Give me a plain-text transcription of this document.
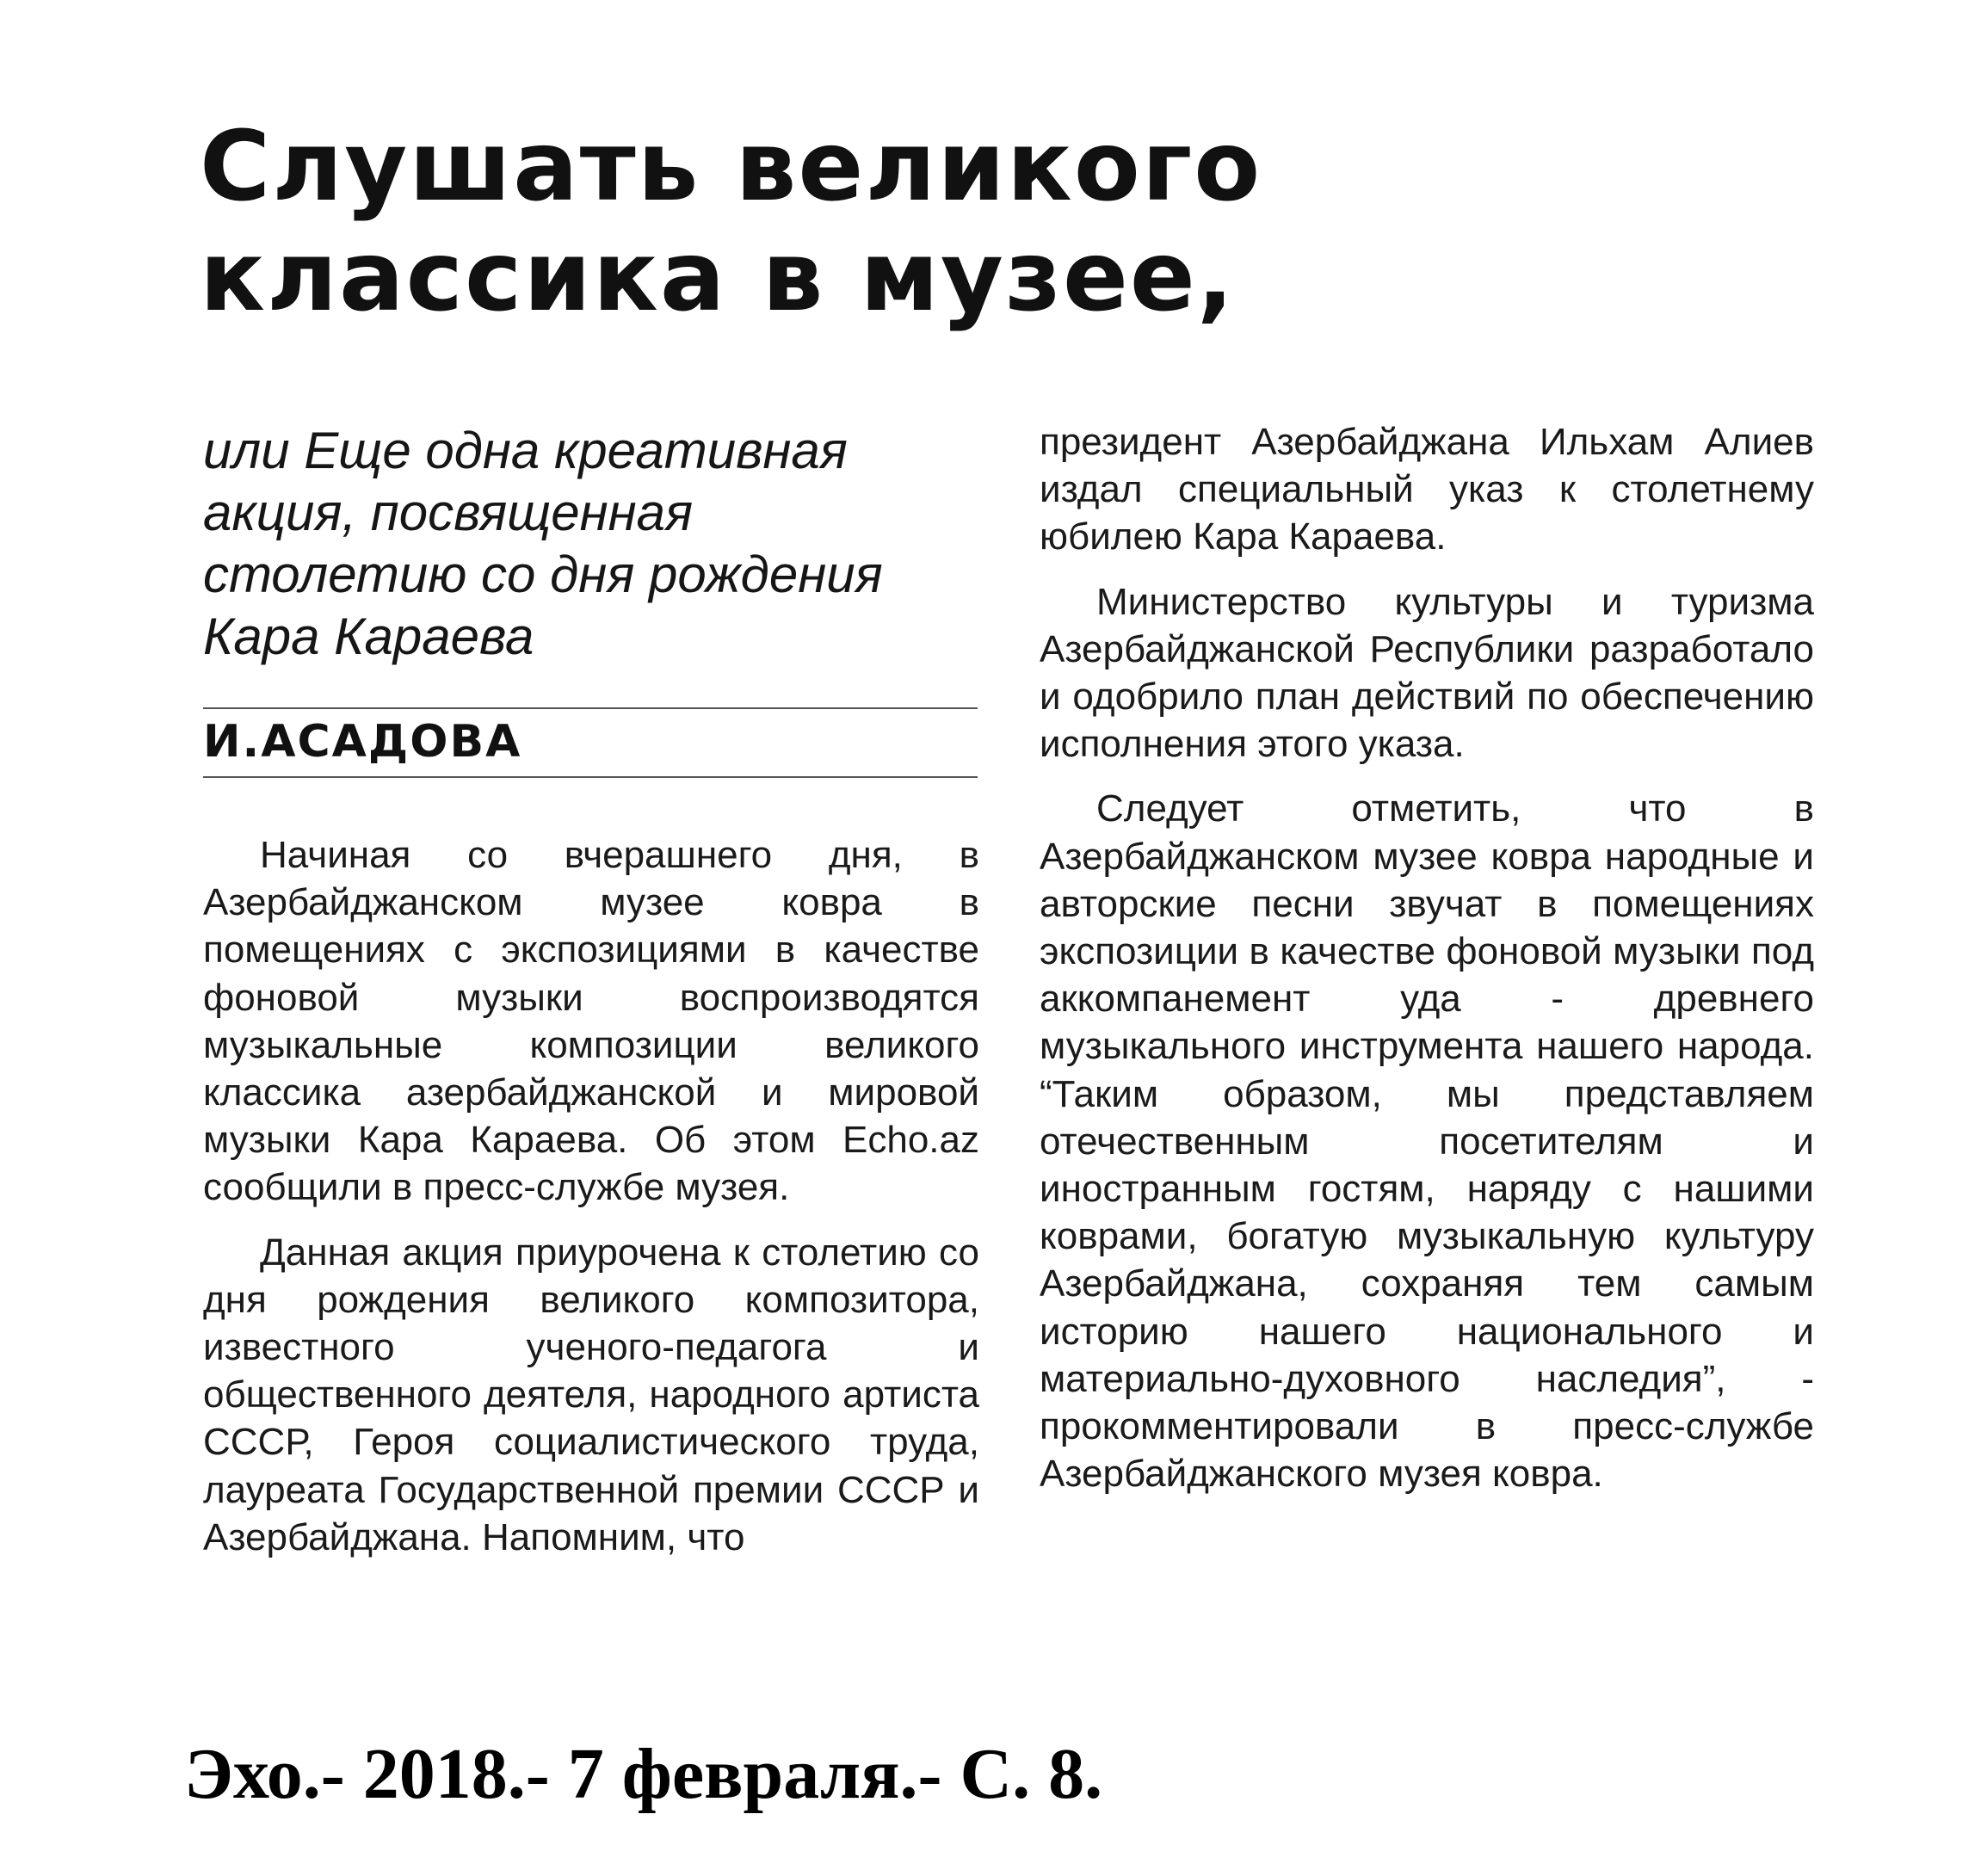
Слушать великого
классика в музее,
или Еще одна креативная
акция, посвященная
столетию со дня рождения
Кара Караева
И.АСАДОВА

Начиная со вчерашнего дня, в Азербайджанском музее ковра в помещениях с экспозициями в качестве фоновой музыки воспроизводятся музыкальные композиции великого классика азербайджанской и мировой музыки Кара Караева. Об этом Echo.az сообщили в пресс-службе музея.

Данная акция приурочена к столетию со дня рождения великого композитора, известного ученого-педагога и общественного деятеля, народного артиста СССР, Героя социалистического труда, лауреата Государственной премии СССР и Азербайджана. Напомним, что

президент Азербайджана Ильхам Алиев издал специальный указ к столетнему юбилею Кара Караева.

Министерство культуры и туризма Азербайджанской Республики разработало и одобрило план действий по обеспечению исполнения этого указа.

Следует отметить, что в Азербайджанском музее ковра народные и авторские песни звучат в помещениях экспозиции в качестве фоновой музыки под аккомпанемент уда - древнего музыкального инструмента нашего народа. “Таким образом, мы представляем отечественным посетителям и иностранным гостям, наряду с нашими коврами, богатую музыкальную культуру Азербайджана, сохраняя тем самым историю нашего национального и материально-духовного наследия”, - прокомментировали в пресс-службе Азербайджанского музея ковра.

Эхо.- 2018.- 7 февраля.- С. 8.
